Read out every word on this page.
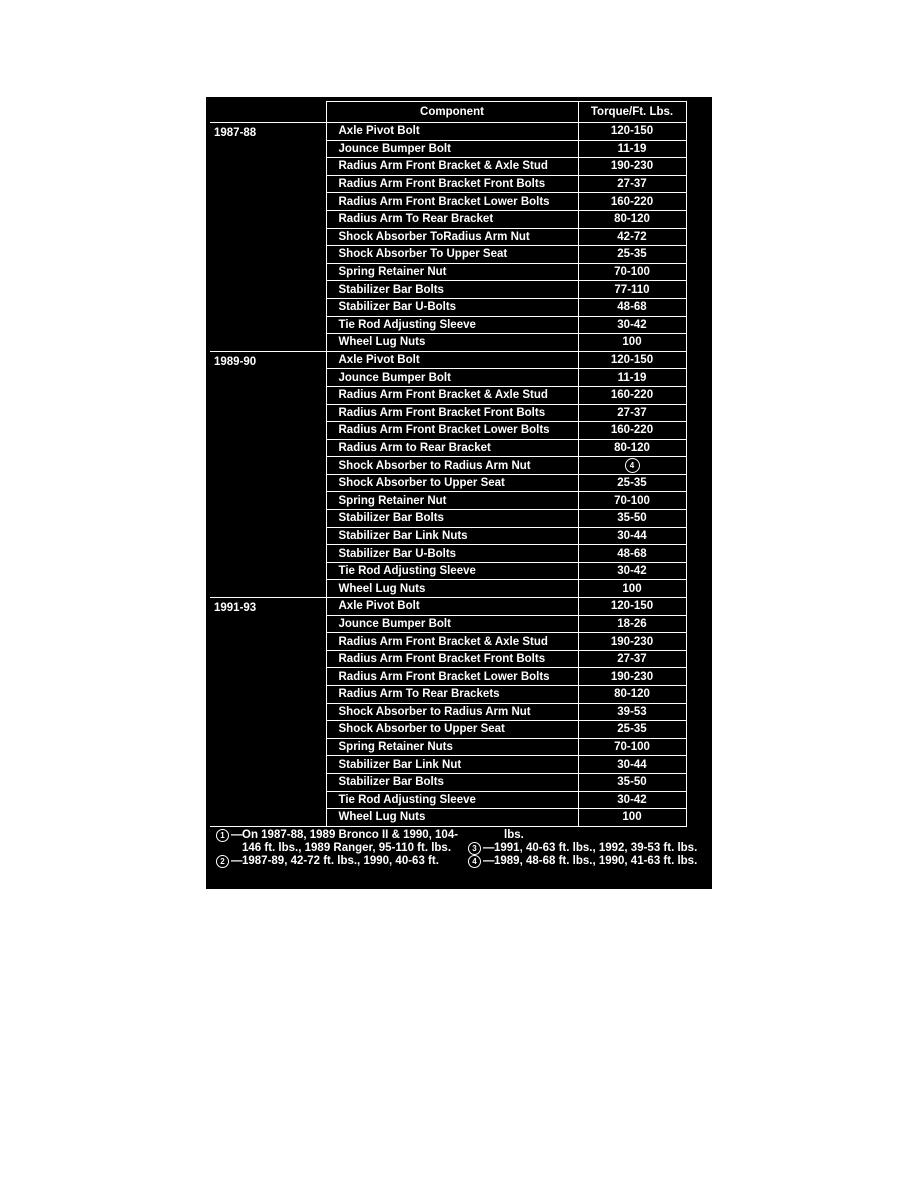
	Component	Torque/Ft. Lbs.
1987-88	Axle Pivot Bolt	120-150
	Jounce Bumper Bolt	11-19
	Radius Arm Front Bracket & Axle Stud	190-230
	Radius Arm Front Bracket Front Bolts	27-37
	Radius Arm Front Bracket Lower Bolts	160-220
	Radius Arm To Rear Bracket	80-120
	Shock Absorber ToRadius Arm Nut	42-72
	Shock Absorber To Upper Seat	25-35
	Spring Retainer Nut	70-100
	Stabilizer Bar Bolts	77-110
	Stabilizer Bar U-Bolts	48-68
	Tie Rod Adjusting Sleeve	30-42
	Wheel Lug Nuts	100
1989-90	Axle Pivot Bolt	120-150
	Jounce Bumper Bolt	11-19
	Radius Arm Front Bracket & Axle Stud	160-220
	Radius Arm Front Bracket Front Bolts	27-37
	Radius Arm Front Bracket Lower Bolts	160-220
	Radius Arm to Rear Bracket	80-120
	Shock Absorber to Radius Arm Nut	4
	Shock Absorber to Upper Seat	25-35
	Spring Retainer Nut	70-100
	Stabilizer Bar Bolts	35-50
	Stabilizer Bar Link Nuts	30-44
	Stabilizer Bar U-Bolts	48-68
	Tie Rod Adjusting Sleeve	30-42
	Wheel Lug Nuts	100
1991-93	Axle Pivot Bolt	120-150
	Jounce Bumper Bolt	18-26
	Radius Arm Front Bracket & Axle Stud	190-230
	Radius Arm Front Bracket Front Bolts	27-37
	Radius Arm Front Bracket Lower Bolts	190-230
	Radius Arm To Rear Brackets	80-120
	Shock Absorber to Radius Arm Nut	39-53
	Shock Absorber to Upper Seat	25-35
	Spring Retainer Nuts	70-100
	Stabilizer Bar Link Nut	30-44
	Stabilizer Bar Bolts	35-50
	Tie Rod Adjusting Sleeve	30-42
	Wheel Lug Nuts	100
1 — On 1987-88, 1989 Bronco II & 1990, 104-146 ft. lbs., 1989 Ranger, 95-110 ft. lbs.
2 — 1987-89, 42-72 ft. lbs., 1990, 40-63 ft.
lbs.
3 — 1991, 40-63 ft. lbs., 1992, 39-53 ft. lbs.
4 — 1989, 48-68 ft. lbs., 1990, 41-63 ft. lbs.
